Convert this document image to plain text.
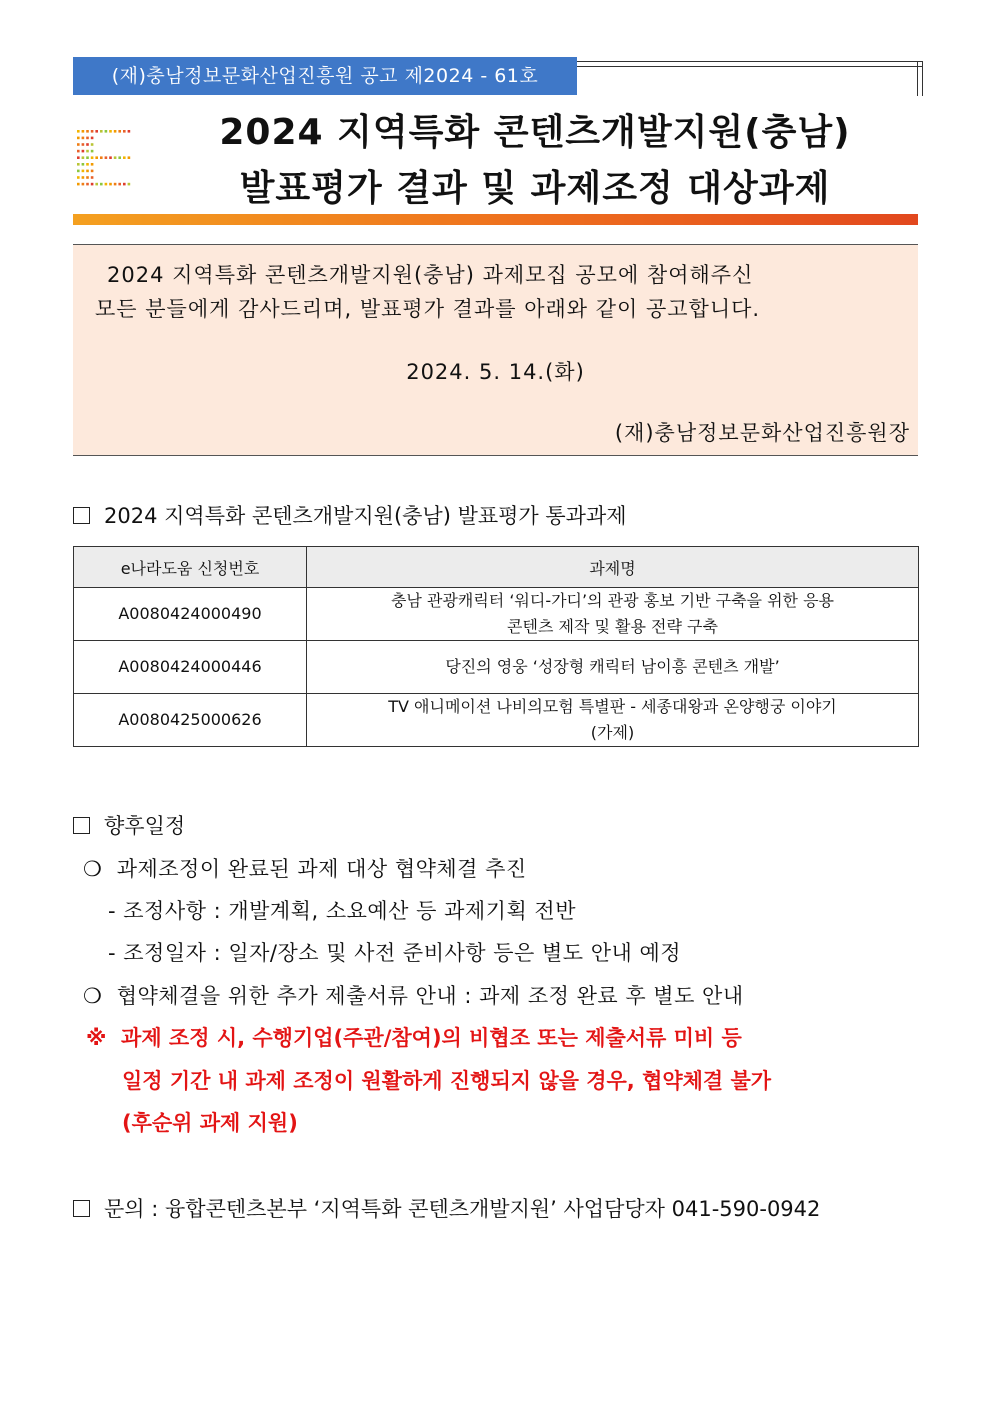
(재)충남정보문화산업진흥원 공고 제2024 - 61호
2024 지역특화 콘텐츠개발지원(충남)
발표평가 결과 및 과제조정 대상과제
2024 지역특화 콘텐츠개발지원(충남) 과제모집 공모에 참여해주신
모든 분들에게 감사드리며, 발표평가 결과를 아래와 같이 공고합니다.
2024. 5. 14.(화)
(재)충남정보문화산업진흥원장
2024 지역특화 콘텐츠개발지원(충남) 발표평가 통과과제
e나라도움 신청번호	과제명
A0080424000490	충남 관광캐릭터 ‘워디-가디’의 관광 홍보 기반 구축을 위한 응용
콘텐츠 제작 및 활용 전략 구축

A0080424000446	당진의 영웅 ‘성장형 캐릭터 남이흥 콘텐츠 개발’

A0080425000626	TV 애니메이션 나비의모험 특별판 - 세종대왕과 온양행궁 이야기
(가제)
향후일정
❍ 과제조정이 완료된 과제 대상 협약체결 추진
- 조정사항 : 개발계획, 소요예산 등 과제기획 전반
- 조정일자 : 일자/장소 및 사전 준비사항 등은 별도 안내 예정
❍ 협약체결을 위한 추가 제출서류 안내 : 과제 조정 완료 후 별도 안내
※ 과제 조정 시, 수행기업(주관/참여)의 비협조 또는 제출서류 미비 등
일정 기간 내 과제 조정이 원활하게 진행되지 않을 경우, 협약체결 불가
(후순위 과제 지원)
문의 : 융합콘텐츠본부 ‘지역특화 콘텐츠개발지원’ 사업담당자 041-590-0942
